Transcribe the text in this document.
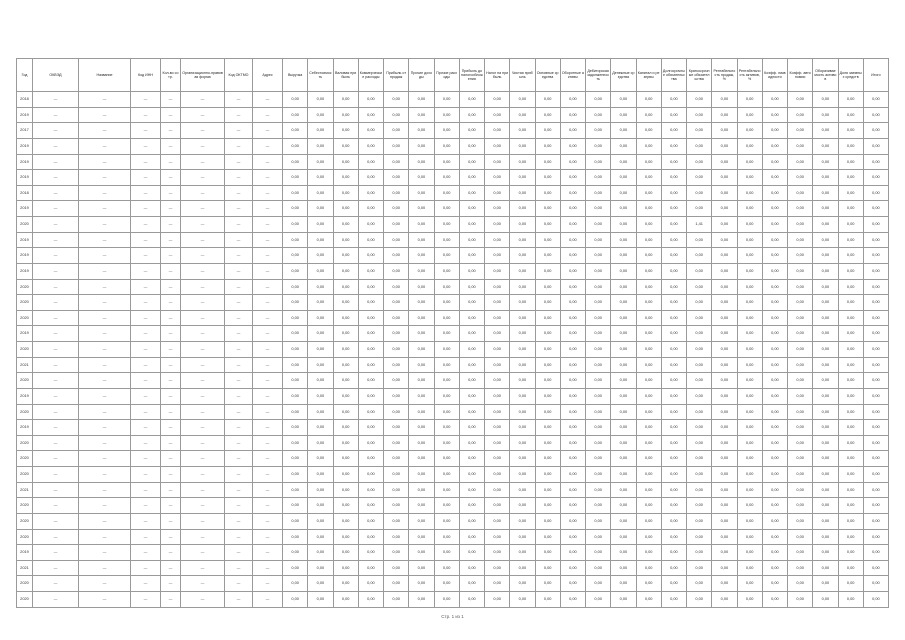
Год	ОКВЭД	Название	Код ИНН	Кол-во сотр.	Организационно-правовая форма	Код ОКТМО	Адрес	Выручка	Себестоимость	Валовая прибыль	Коммерческие расходы	Прибыль от продаж	Прочие доходы	Прочие расходы	Прибыль до налогообложения	Налог на прибыль	Чистая прибыль	Основные средства	Оборотные активы	Дебиторская задолженность	Денежные средства	Капитал и резервы	Долгосрочные обязательства	Краткосрочные обязательства	Рентабельность продаж, %	Рентабельность активов, %	Коэфф. ликвидности	Коэфф. автономии	Оборачиваемость активов	Доля заемных средств	Итого
2018	—	—	—	—	—	—	—	0,00	0,00	0,00	0,00	0,00	0,00	0,00	0,00	0,00	0,00	0,00	0,00	0,00	0,00	0,00	0,00	0,00	0,00	0,00	0,00	0,00	0,00	0,00	0,00
2019	—	—	—	—	—	—	—	0,00	0,00	0,00	0,00	0,00	0,00	0,00	0,00	0,00	0,00	0,00	0,00	0,00	0,00	0,00	0,00	0,00	0,00	0,00	0,00	0,00	0,00	0,00	0,00
2017	—	—	—	—	—	—	—	0,00	0,00	0,00	0,00	0,00	0,00	0,00	0,00	0,00	0,00	0,00	0,00	0,00	0,00	0,00	0,00	0,00	0,00	0,00	0,00	0,00	0,00	0,00	0,00
2019	—	—	—	—	—	—	—	0,00	0,00	0,00	0,00	0,00	0,00	0,00	0,00	0,00	0,00	0,00	0,00	0,00	0,00	0,00	0,00	0,00	0,00	0,00	0,00	0,00	0,00	0,00	0,00
2019	—	—	—	—	—	—	—	0,00	0,00	0,00	0,00	0,00	0,00	0,00	0,00	0,00	0,00	0,00	0,00	0,00	0,00	0,00	0,00	0,00	0,00	0,00	0,00	0,00	0,00	0,00	0,00
2019	—	—	—	—	—	—	—	0,00	0,00	0,00	0,00	0,00	0,00	0,00	0,00	0,00	0,00	0,00	0,00	0,00	0,00	0,00	0,00	0,00	0,00	0,00	0,00	0,00	0,00	0,00	0,00
2018	—	—	—	—	—	—	—	0,00	0,00	0,00	0,00	0,00	0,00	0,00	0,00	0,00	0,00	0,00	0,00	0,00	0,00	0,00	0,00	0,00	0,00	0,00	0,00	0,00	0,00	0,00	0,00
2019	—	—	—	—	—	—	—	0,00	0,00	0,00	0,00	0,00	0,00	0,00	0,00	0,00	0,00	0,00	0,00	0,00	0,00	0,00	0,00	0,00	0,00	0,00	0,00	0,00	0,00	0,00	0,00
2020	—	—	—	—	—	—	—	0,00	0,00	0,00	0,00	0,00	0,00	0,00	0,00	0,00	0,00	0,00	0,00	0,00	0,00	0,00	0,00	1,41	0,00	0,00	0,00	0,00	0,00	0,00	0,00
2019	—	—	—	—	—	—	—	0,00	0,00	0,00	0,00	0,00	0,00	0,00	0,00	0,00	0,00	0,00	0,00	0,00	0,00	0,00	0,00	0,00	0,00	0,00	0,00	0,00	0,00	0,00	0,00
2019	—	—	—	—	—	—	—	0,00	0,00	0,00	0,00	0,00	0,00	0,00	0,00	0,00	0,00	0,00	0,00	0,00	0,00	0,00	0,00	0,00	0,00	0,00	0,00	0,00	0,00	0,00	0,00
2019	—	—	—	—	—	—	—	0,00	0,00	0,00	0,00	0,00	0,00	0,00	0,00	0,00	0,00	0,00	0,00	0,00	0,00	0,00	0,00	0,00	0,00	0,00	0,00	0,00	0,00	0,00	0,00
2020	—	—	—	—	—	—	—	0,00	0,00	0,00	0,00	0,00	0,00	0,00	0,00	0,00	0,00	0,00	0,00	0,00	0,00	0,00	0,00	0,00	0,00	0,00	0,00	0,00	0,00	0,00	0,00
2020	—	—	—	—	—	—	—	0,00	0,00	0,00	0,00	0,00	0,00	0,00	0,00	0,00	0,00	0,00	0,00	0,00	0,00	0,00	0,00	0,00	0,00	0,00	0,00	0,00	0,00	0,00	0,00
2020	—	—	—	—	—	—	—	0,00	0,00	0,00	0,00	0,00	0,00	0,00	0,00	0,00	0,00	0,00	0,00	0,00	0,00	0,00	0,00	0,00	0,00	0,00	0,00	0,00	0,00	0,00	0,00
2019	—	—	—	—	—	—	—	0,00	0,00	0,00	0,00	0,00	0,00	0,00	0,00	0,00	0,00	0,00	0,00	0,00	0,00	0,00	0,00	0,00	0,00	0,00	0,00	0,00	0,00	0,00	0,00
2020	—	—	—	—	—	—	—	0,00	0,00	0,00	0,00	0,00	0,00	0,00	0,00	0,00	0,00	0,00	0,00	0,00	0,00	0,00	0,00	0,00	0,00	0,00	0,00	0,00	0,00	0,00	0,00
2021	—	—	—	—	—	—	—	0,00	0,00	0,00	0,00	0,00	0,00	0,00	0,00	0,00	0,00	0,00	0,00	0,00	0,00	0,00	0,00	0,00	0,00	0,00	0,00	0,00	0,00	0,00	0,00
2020	—	—	—	—	—	—	—	0,00	0,00	0,00	0,00	0,00	0,00	0,00	0,00	0,00	0,00	0,00	0,00	0,00	0,00	0,00	0,00	0,00	0,00	0,00	0,00	0,00	0,00	0,00	0,00
2019	—	—	—	—	—	—	—	0,00	0,00	0,00	0,00	0,00	0,00	0,00	0,00	0,00	0,00	0,00	0,00	0,00	0,00	0,00	0,00	0,00	0,00	0,00	0,00	0,00	0,00	0,00	0,00
2020	—	—	—	—	—	—	—	0,00	0,00	0,00	0,00	0,00	0,00	0,00	0,00	0,00	0,00	0,00	0,00	0,00	0,00	0,00	0,00	0,00	0,00	0,00	0,00	0,00	0,00	0,00	0,00
2019	—	—	—	—	—	—	—	0,00	0,00	0,00	0,00	0,00	0,00	0,00	0,00	0,00	0,00	0,00	0,00	0,00	0,00	0,00	0,00	0,00	0,00	0,00	0,00	0,00	0,00	0,00	0,00
2020	—	—	—	—	—	—	—	0,00	0,00	0,00	0,00	0,00	0,00	0,00	0,00	0,00	0,00	0,00	0,00	0,00	0,00	0,00	0,00	0,00	0,00	0,00	0,00	0,00	0,00	0,00	0,00
2020	—	—	—	—	—	—	—	0,00	0,00	0,00	0,00	0,00	0,00	0,00	0,00	0,00	0,00	0,00	0,00	0,00	0,00	0,00	0,00	0,00	0,00	0,00	0,00	0,00	0,00	0,00	0,00
2020	—	—	—	—	—	—	—	0,00	0,00	0,00	0,00	0,00	0,00	0,00	0,00	0,00	0,00	0,00	0,00	0,00	0,00	0,00	0,00	0,00	0,00	0,00	0,00	0,00	0,00	0,00	0,00
2021	—	—	—	—	—	—	—	0,00	0,00	0,00	0,00	0,00	0,00	0,00	0,00	0,00	0,00	0,00	0,00	0,00	0,00	0,00	0,00	0,00	0,00	0,00	0,00	0,00	0,00	0,00	0,00
2020	—	—	—	—	—	—	—	0,00	0,00	0,00	0,00	0,00	0,00	0,00	0,00	0,00	0,00	0,00	0,00	0,00	0,00	0,00	0,00	0,00	0,00	0,00	0,00	0,00	0,00	0,00	0,00
2020	—	—	—	—	—	—	—	0,00	0,00	0,00	0,00	0,00	0,00	0,00	0,00	0,00	0,00	0,00	0,00	0,00	0,00	0,00	0,00	0,00	0,00	0,00	0,00	0,00	0,00	0,00	0,00
2020	—	—	—	—	—	—	—	0,00	0,00	0,00	0,00	0,00	0,00	0,00	0,00	0,00	0,00	0,00	0,00	0,00	0,00	0,00	0,00	0,00	0,00	0,00	0,00	0,00	0,00	0,00	0,00
2019	—	—	—	—	—	—	—	0,00	0,00	0,00	0,00	0,00	0,00	0,00	0,00	0,00	0,00	0,00	0,00	0,00	0,00	0,00	0,00	0,00	0,00	0,00	0,00	0,00	0,00	0,00	0,00
2021	—	—	—	—	—	—	—	0,00	0,00	0,00	0,00	0,00	0,00	0,00	0,00	0,00	0,00	0,00	0,00	0,00	0,00	0,00	0,00	0,00	0,00	0,00	0,00	0,00	0,00	0,00	0,00
2020	—	—	—	—	—	—	—	0,00	0,00	0,00	0,00	0,00	0,00	0,00	0,00	0,00	0,00	0,00	0,00	0,00	0,00	0,00	0,00	0,00	0,00	0,00	0,00	0,00	0,00	0,00	0,00
2020	—	—	—	—	—	—	—	0,00	0,00	0,00	0,00	0,00	0,00	0,00	0,00	0,00	0,00	0,00	0,00	0,00	0,00	0,00	0,00	0,00	0,00	0,00	0,00	0,00	0,00	0,00	0,00
Стр. 1 из 1
